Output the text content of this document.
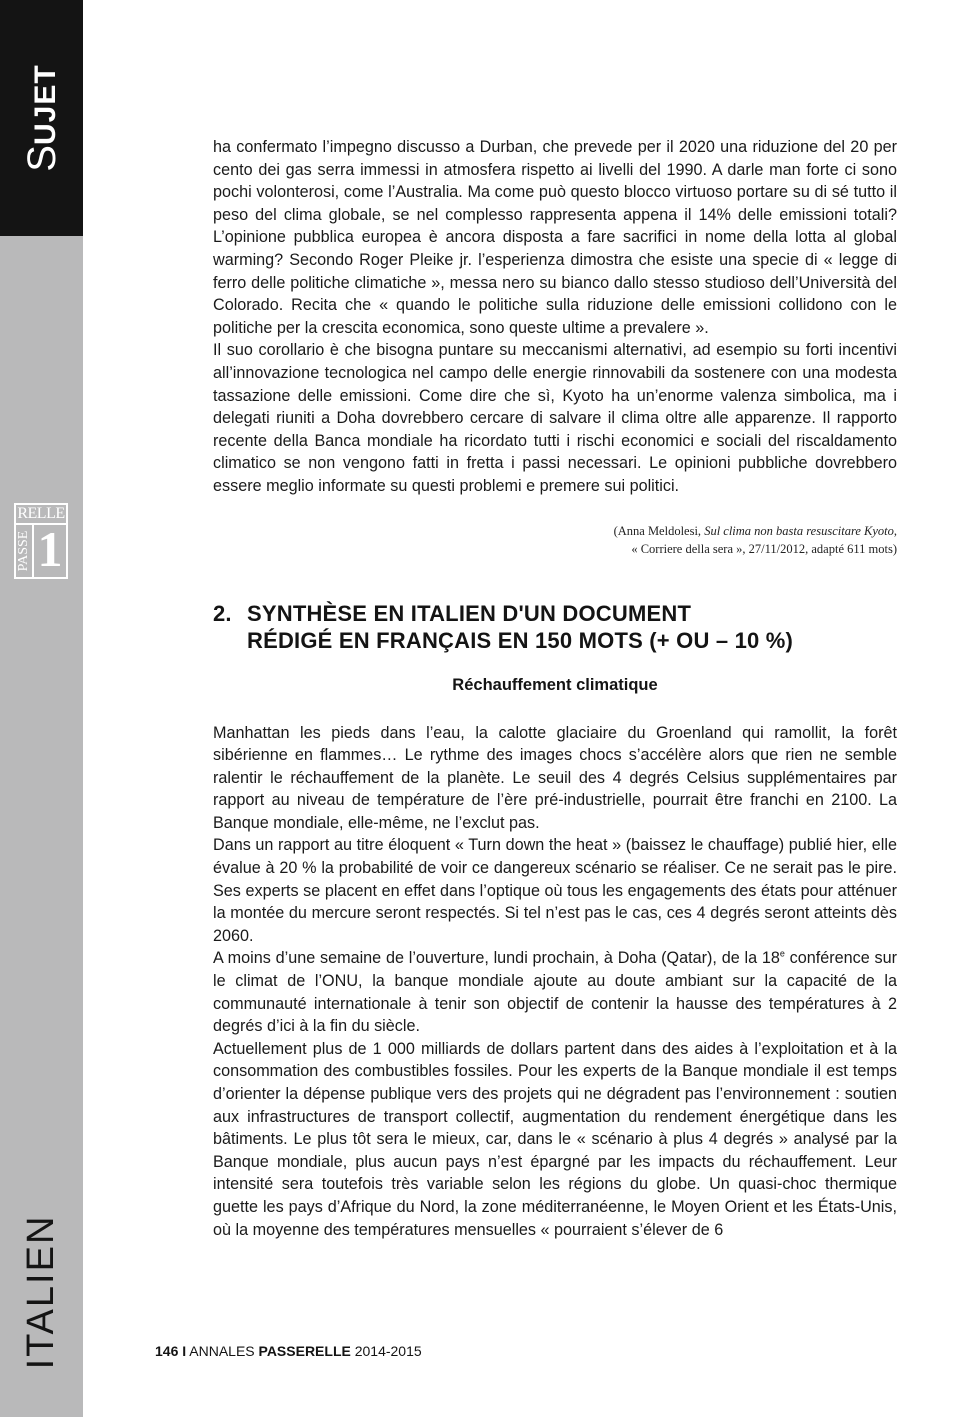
SUJET
RELLE
PASSE 1
ITALIEN

ha confermato l’impegno discusso a Durban, che prevede per il 2020 una riduzione del 20 per cento dei gas serra immessi in atmosfera rispetto ai livelli del 1990. A darle man forte ci sono pochi volonterosi, come l’Australia. Ma come può questo blocco virtuoso portare su di sé tutto il peso del clima globale, se nel complesso rappresenta appena il 14% delle emissioni totali? L’opinione pubblica europea è ancora disposta a fare sacrifici in nome della lotta al global warming? Secondo Roger Pleike jr. l’esperienza dimostra che esiste una specie di « legge di ferro delle politiche climatiche », messa nero su bianco dallo stesso studioso dell’Università del Colorado. Recita che « quando le politiche sulla riduzione delle emissioni collidono con le politiche per la crescita economica, sono queste ultime a prevalere ».

Il suo corollario è che bisogna puntare su meccanismi alternativi, ad esempio su forti incentivi all’innovazione tecnologica nel campo delle energie rinnovabili da sostenere con una modesta tassazione delle emissioni. Come dire che sì, Kyoto ha un’enorme valenza simbolica, ma i delegati riuniti a Doha dovrebbero cercare di salvare il clima oltre alle apparenze. Il rapporto recente della Banca mondiale ha ricordato tutti i rischi economici e sociali del riscaldamento climatico se non vengono fatti in fretta i passi necessari. Le opinioni pubbliche dovrebbero essere meglio informate su questi problemi e premere sui politici.

(Anna Meldolesi, Sul clima non basta resuscitare Kyoto,
« Corriere della sera », 27/11/2012, adapté 611 mots)
2. SYNTHÈSE EN ITALIEN D'UN DOCUMENT
RÉDIGÉ EN FRANÇAIS EN 150 MOTS (+ OU – 10 %)
Réchauffement climatique

Manhattan les pieds dans l’eau, la calotte glaciaire du Groenland qui ramollit, la forêt sibérienne en flammes… Le rythme des images chocs s’accélère alors que rien ne semble ralentir le réchauffement de la planète. Le seuil des 4 degrés Celsius supplémentaires par rapport au niveau de température de l’ère pré-industrielle, pourrait être franchi en 2100. La Banque mondiale, elle-même, ne l’exclut pas.

Dans un rapport au titre éloquent « Turn down the heat » (baissez le chauffage) publié hier, elle évalue à 20 % la probabilité de voir ce dangereux scénario se réaliser. Ce ne serait pas le pire. Ses experts se placent en effet dans l’optique où tous les engagements des états pour atténuer la montée du mercure seront respectés. Si tel n’est pas le cas, ces 4 degrés seront atteints dès 2060.

A moins d’une semaine de l’ouverture, lundi prochain, à Doha (Qatar), de la 18e conférence sur le climat de l’ONU, la banque mondiale ajoute au doute ambiant sur la capacité de la communauté internationale à tenir son objectif de contenir la hausse des températures à 2 degrés d’ici à la fin du siècle.

Actuellement plus de 1 000 milliards de dollars partent dans des aides à l’exploitation et à la consommation des combustibles fossiles. Pour les experts de la Banque mondiale il est temps d’orienter la dépense publique vers des projets qui ne dégradent pas l’environnement : soutien aux infrastructures de transport collectif, augmentation du rendement énergétique dans les bâtiments. Le plus tôt sera le mieux, car, dans le « scénario à plus 4 degrés » analysé par la Banque mondiale, plus aucun pays n’est épargné par les impacts du réchauffement. Leur intensité sera toutefois très variable selon les régions du globe. Un quasi-choc thermique guette les pays d’Afrique du Nord, la zone méditerranéenne, le Moyen Orient et les États-Unis, où la moyenne des températures mensuelles « pourraient s’élever de 6

146 I ANNALES PASSERELLE 2014-2015
